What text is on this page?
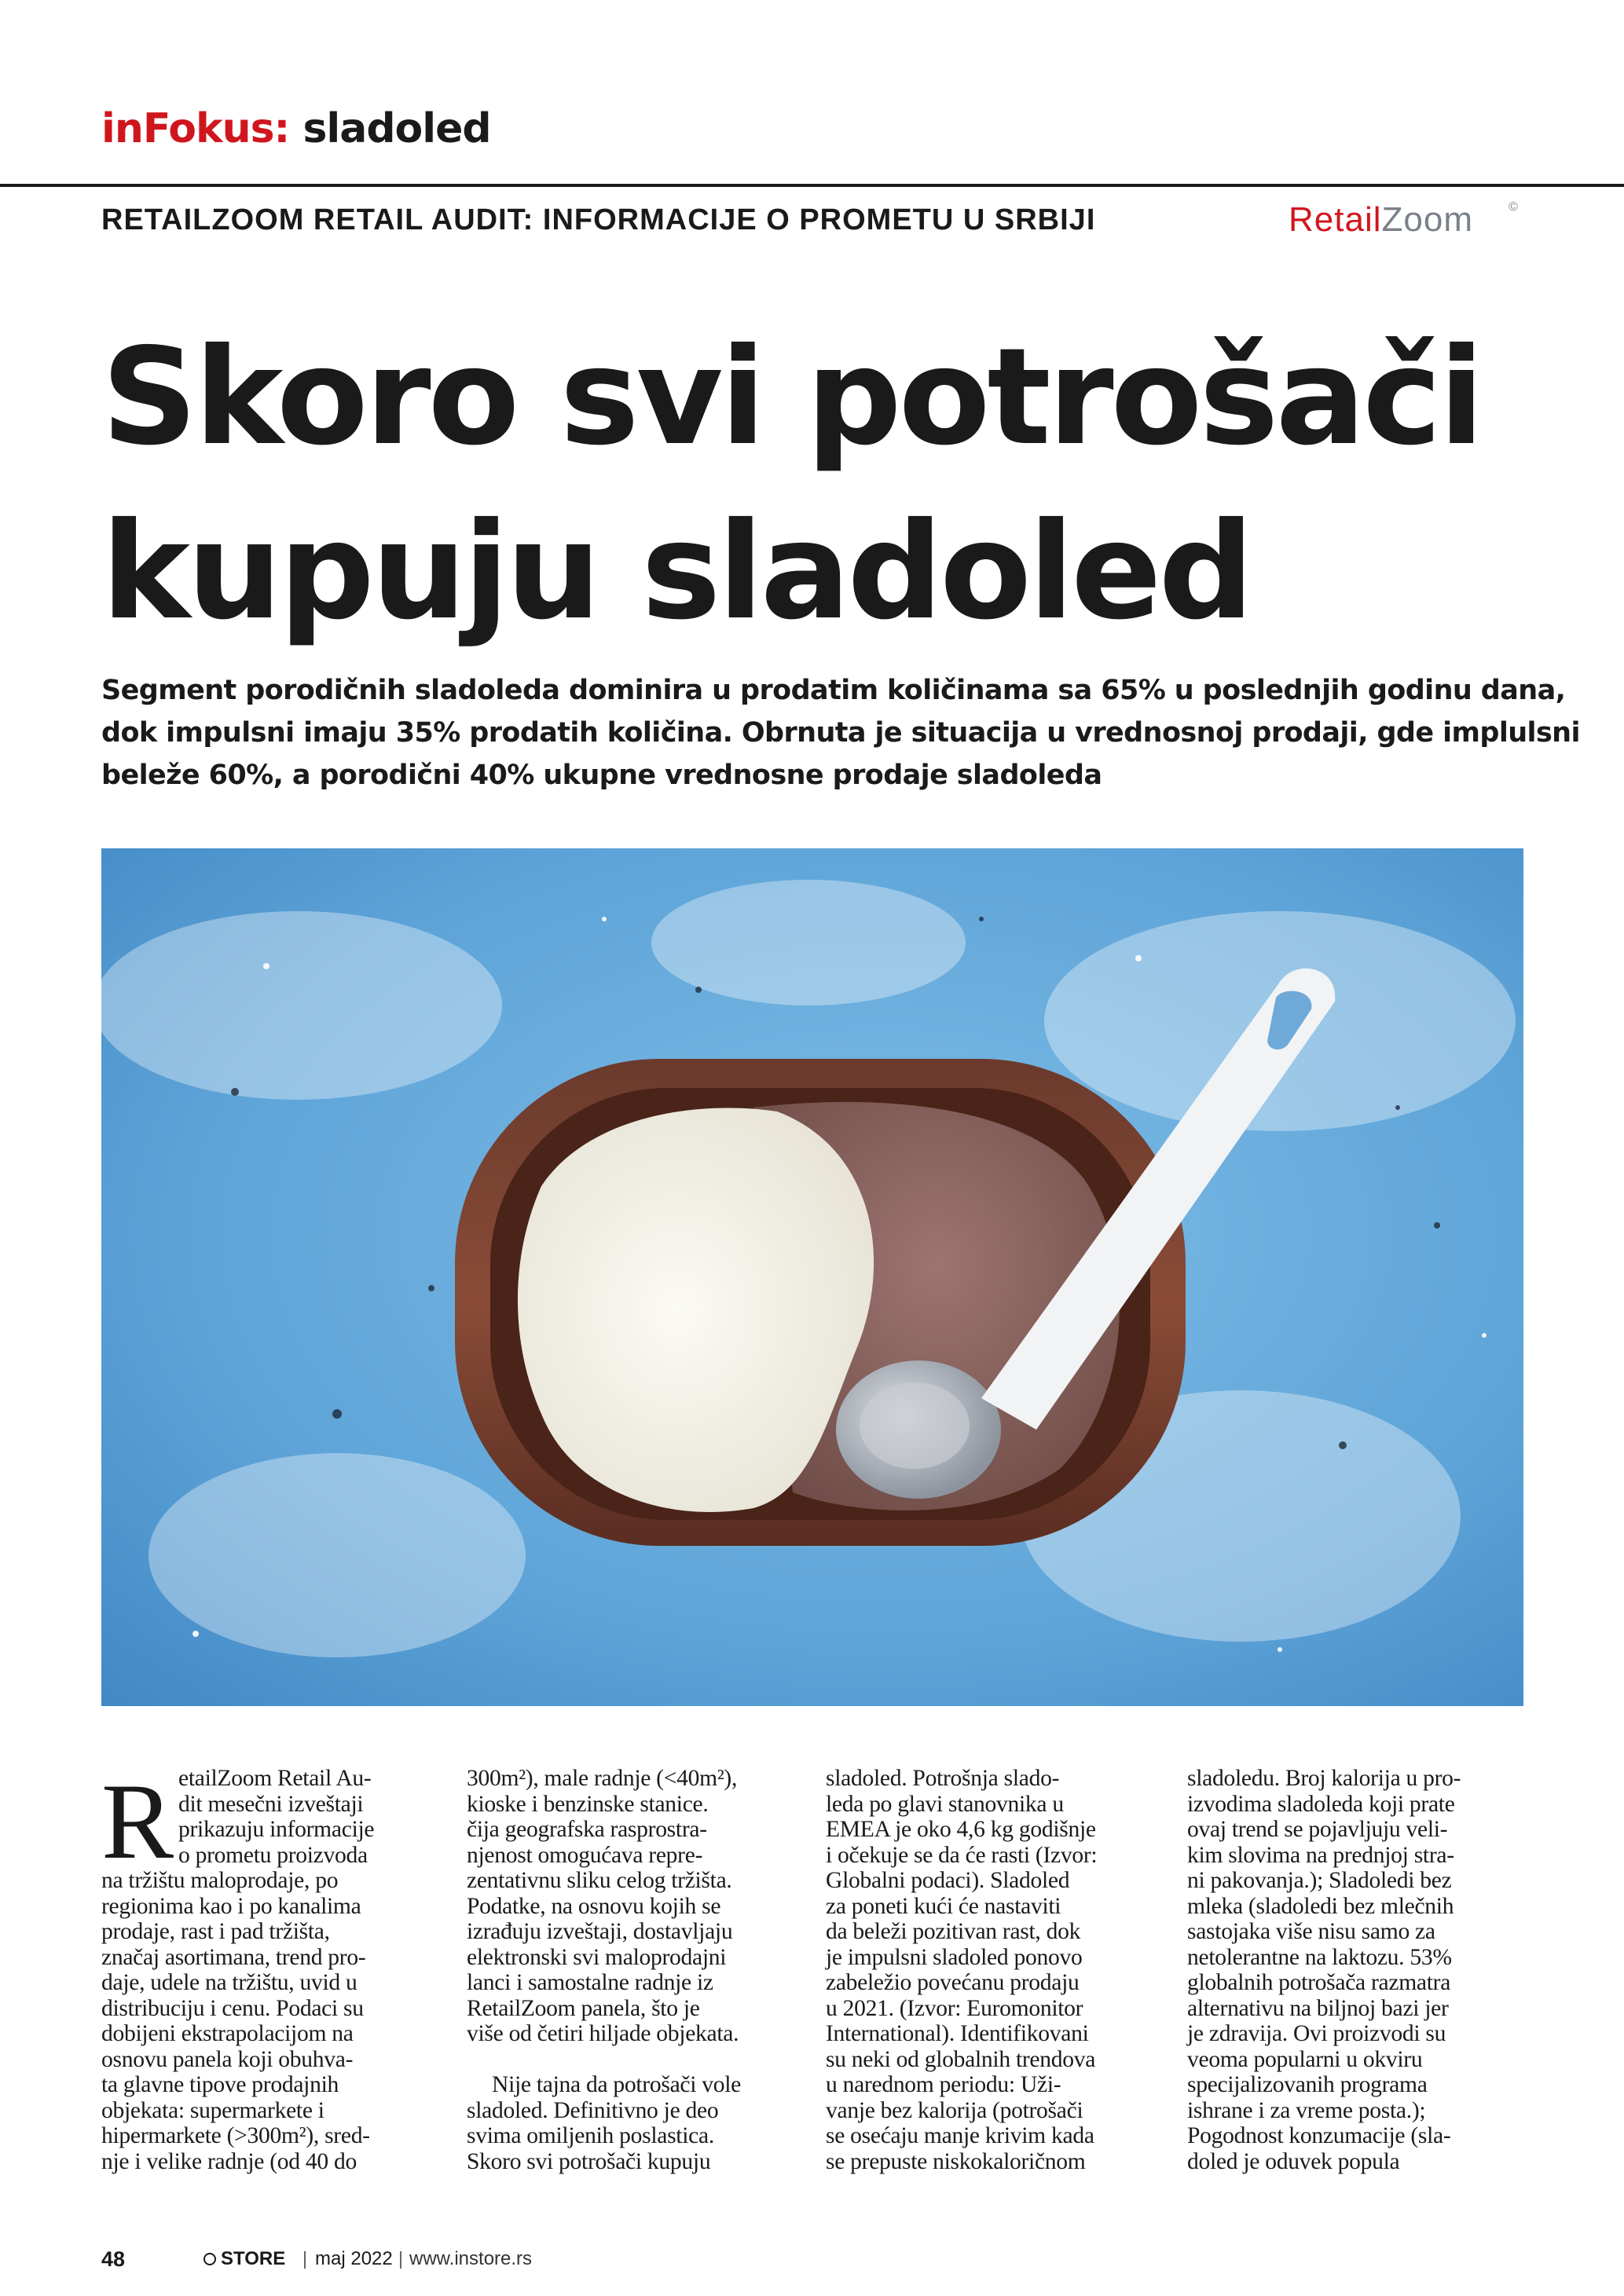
inFokus: sladoled

RETAILZOOM RETAIL AUDIT: INFORMACIJE O PROMETU U SRBIJI	RetailZoom	©
Skoro svi potrošači
kupuju sladoled

Segment porodičnih sladoleda dominira u prodatim količinama sa 65% u poslednjih godinu dana,
dok impulsni imaju 35% prodatih količina. Obrnuta je situacija u vrednosnoj prodaji, gde implulsni
beleže 60%, a porodični 40% ukupne vrednosne prodaje sladoleda

R etailZoom Retail Au-
dit mesečni izveštaji
prikazuju informacije
o prometu proizvoda
na tržištu maloprodaje, po
regionima kao i po kanalima
prodaje, rast i pad tržišta,
značaj asortimana, trend pro-
daje, udele na tržištu, uvid u
distribuciju i cenu. Podaci su
dobijeni ekstrapolacijom na
osnovu panela koji obuhva-
ta glavne tipove prodajnih
objekata: supermarkete i
hipermarkete (>300m²), sred-
nje i velike radnje (od 40 do

300m²), male radnje (<40m²),
kioske i benzinske stanice.
čija geografska rasprostra-
njenost omogućava repre-
zentativnu sliku celog tržišta.
Podatke, na osnovu kojih se
izrađuju izveštaji, dostavljaju
elektronski svi maloprodajni
lanci i samostalne radnje iz
RetailZoom panela, što je
više od četiri hiljade objekata.
Nije tajna da potrošači vole
sladoled. Definitivno je deo
svima omiljenih poslastica.
Skoro svi potrošači kupuju

sladoled. Potrošnja slado-
leda po glavi stanovnika u
EMEA je oko 4,6 kg godišnje
i očekuje se da će rasti (Izvor:
Globalni podaci). Sladoled
za poneti kući će nastaviti
da beleži pozitivan rast, dok
je impulsni sladoled ponovo
zabeležio povećanu prodaju
u 2021. (Izvor: Euromonitor
International). Identifikovani
su neki od globalnih trendova
u narednom periodu: Uži-
vanje bez kalorija (potrošači
se osećaju manje krivim kada
se prepuste niskokaloričnom

sladoledu. Broj kalorija u pro-
izvodima sladoleda koji prate
ovaj trend se pojavljuju veli-
kim slovima na prednjoj stra-
ni pakovanja.); Sladoledi bez
mleka (sladoledi bez mlečnih
sastojaka više nisu samo za
netolerantne na laktozu. 53%
globalnih potrošača razmatra
alternativu na biljnoj bazi jer
je zdravija. Ovi proizvodi su
veoma popularni u okviru
specijalizovanih programa
ishrane i za vreme posta.);
Pogodnost konzumacije (sla-
doled je oduvek popula

48	STORE maj 2022 www.instore.rs
